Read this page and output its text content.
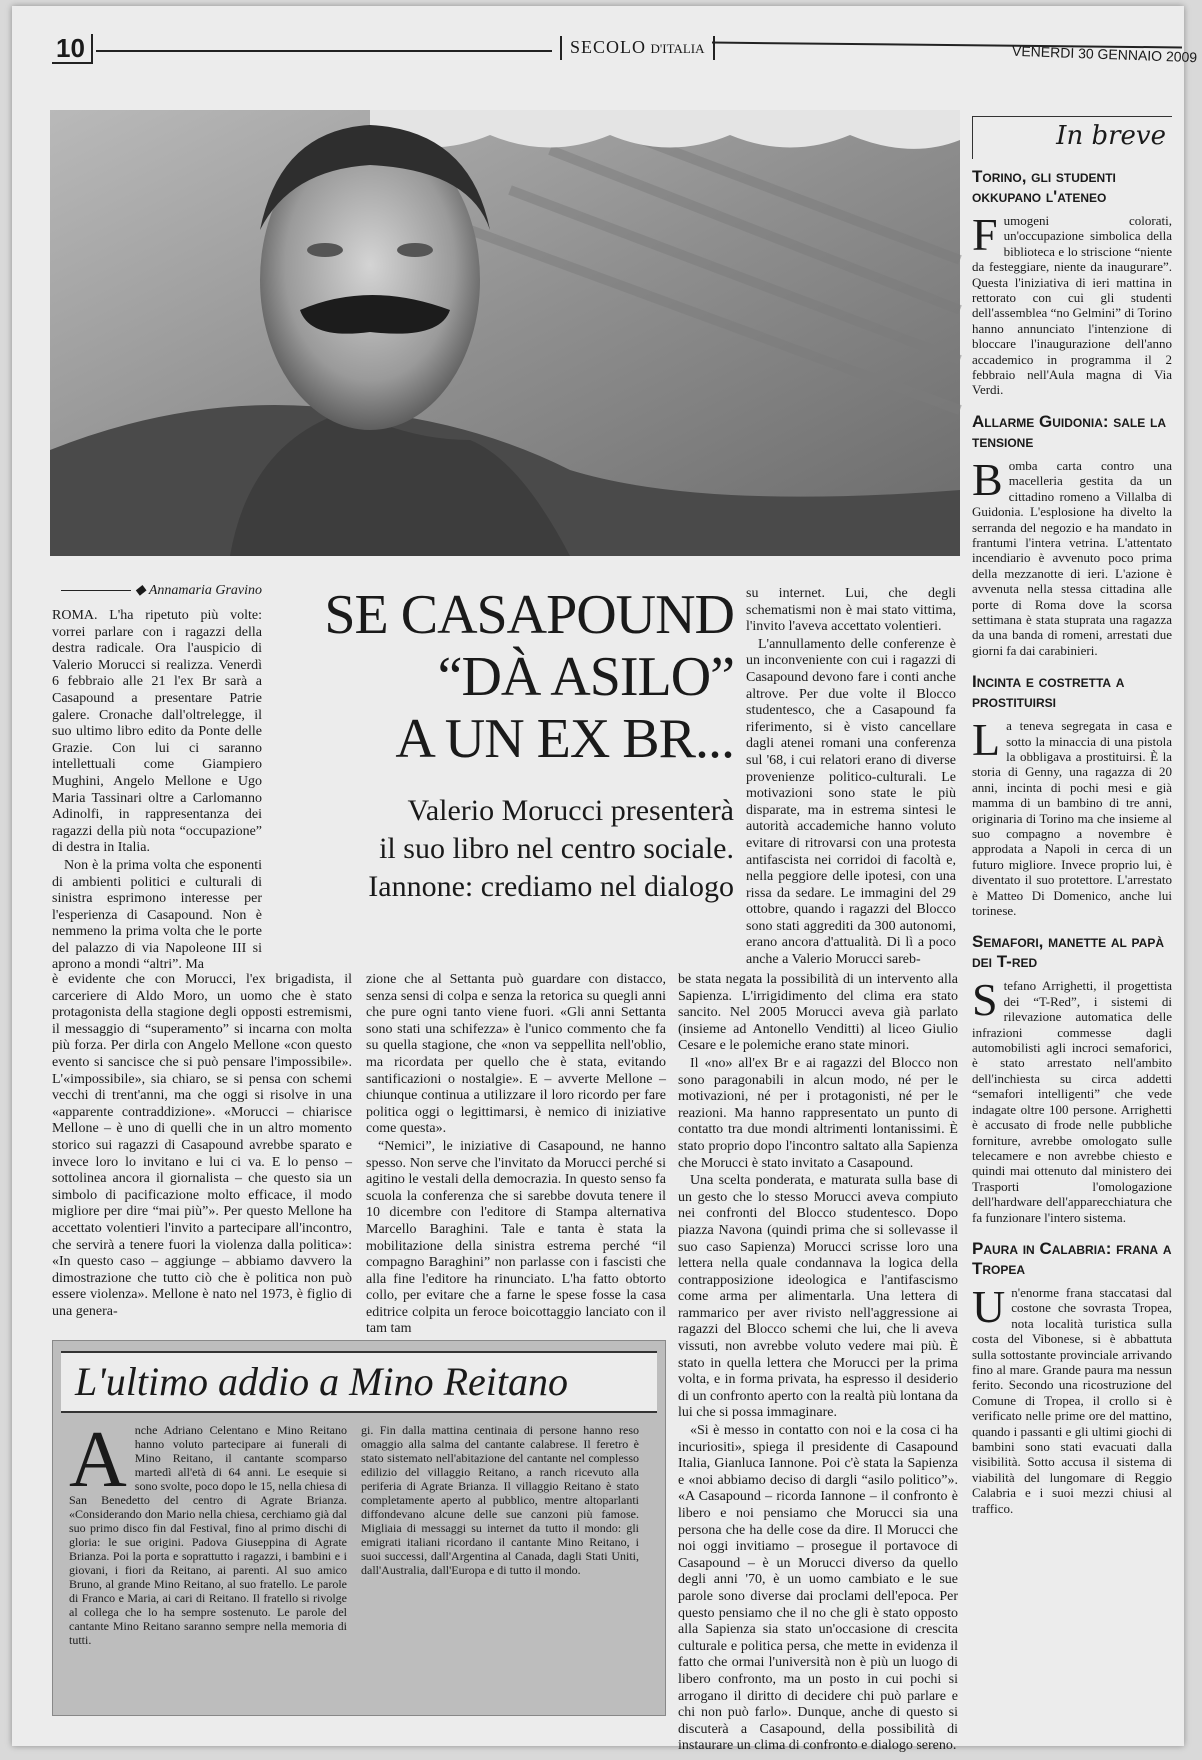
10	SECOLO D'ITALIA	VENERDÌ 30 GENNAIO 2009
◆ Annamaria Gravino

ROMA. L'ha ripetuto più volte: vorrei parlare con i ragazzi della destra radicale. Ora l'auspicio di Valerio Morucci si realizza. Venerdì 6 febbraio alle 21 l'ex Br sarà a Casapound a presentare Patrie galere. Cronache dall'oltrelegge, il suo ultimo libro edito da Ponte delle Grazie. Con lui ci saranno intellettuali come Giampiero Mughini, Angelo Mellone e Ugo Maria Tassinari oltre a Carlomanno Adinolfi, in rappresentanza dei ragazzi della più nota “occupazione” di destra in Italia.

Non è la prima volta che esponenti di ambienti politici e culturali di sinistra esprimono interesse per l'esperienza di Casapound. Non è nemmeno la prima volta che le porte del palazzo di via Napoleone III si aprono a mondi “altri”. Ma

SE CASAPOUND
“DÀ ASILO”
A UN EX BR...
Valerio Morucci presenterà
il suo libro nel centro sociale.
Iannone: crediamo nel dialogo

su internet. Lui, che degli schematismi non è mai stato vittima, l'invito l'aveva accettato volentieri.

L'annullamento delle conferenze è un inconveniente con cui i ragazzi di Casapound devono fare i conti anche altrove. Per due volte il Blocco studentesco, che a Casapound fa riferimento, si è visto cancellare dagli atenei romani una conferenza sul '68, i cui relatori erano di diverse provenienze politico-culturali. Le motivazioni sono state le più disparate, ma in estrema sintesi le autorità accademiche hanno voluto evitare di ritrovarsi con una protesta antifascista nei corridoi di facoltà e, nella peggiore delle ipotesi, con una rissa da sedare. Le immagini del 29 ottobre, quando i ragazzi del Blocco sono stati aggrediti da 300 autonomi, erano ancora d'attualità. Di lì a poco anche a Valerio Morucci sareb-

è evidente che con Morucci, l'ex brigadista, il carceriere di Aldo Moro, un uomo che è stato protagonista della stagione degli opposti estremismi, il messaggio di “superamento” si incarna con molta più forza. Per dirla con Angelo Mellone «con questo evento si sancisce che si può pensare l'impossibile». L'«impossibile», sia chiaro, se si pensa con schemi vecchi di trent'anni, ma che oggi si risolve in una «apparente contraddizione». «Morucci – chiarisce Mellone – è uno di quelli che in un altro momento storico sui ragazzi di Casapound avrebbe sparato e invece loro lo invitano e lui ci va. E lo penso – sottolinea ancora il giornalista – che questo sia un simbolo di pacificazione molto efficace, il modo migliore per dire “mai più”». Per questo Mellone ha accettato volentieri l'invito a partecipare all'incontro, che servirà a tenere fuori la violenza dalla politica»: «In questo caso – aggiunge – abbiamo davvero la dimostrazione che tutto ciò che è politica non può essere violenza». Mellone è nato nel 1973, è figlio di una genera-

zione che al Settanta può guardare con distacco, senza sensi di colpa e senza la retorica su quegli anni che pure ogni tanto viene fuori. «Gli anni Settanta sono stati una schifezza» è l'unico commento che fa su quella stagione, che «non va seppellita nell'oblio, ma ricordata per quello che è stata, evitando santificazioni o nostalgie». E – avverte Mellone – chiunque continua a utilizzare il loro ricordo per fare politica oggi o legittimarsi, è nemico di iniziative come questa».

“Nemici”, le iniziative di Casapound, ne hanno spesso. Non serve che l'invitato da Morucci perché si agitino le vestali della democrazia. In questo senso fa scuola la conferenza che si sarebbe dovuta tenere il 10 dicembre con l'editore di Stampa alternativa Marcello Baraghini. Tale e tanta è stata la mobilitazione della sinistra estrema perché “il compagno Baraghini” non parlasse con i fascisti che alla fine l'editore ha rinunciato. L'ha fatto obtorto collo, per evitare che a farne le spese fosse la casa editrice colpita un feroce boicottaggio lanciato con il tam tam

be stata negata la possibilità di un intervento alla Sapienza. L'irrigidimento del clima era stato sancito. Nel 2005 Morucci aveva già parlato (insieme ad Antonello Venditti) al liceo Giulio Cesare e le polemiche erano state minori.

Il «no» all'ex Br e ai ragazzi del Blocco non sono paragonabili in alcun modo, né per le motivazioni, né per i protagonisti, né per le reazioni. Ma hanno rappresentato un punto di contatto tra due mondi altrimenti lontanissimi. È stato proprio dopo l'incontro saltato alla Sapienza che Morucci è stato invitato a Casapound.

Una scelta ponderata, e maturata sulla base di un gesto che lo stesso Morucci aveva compiuto nei confronti del Blocco studentesco. Dopo piazza Navona (quindi prima che si sollevasse il suo caso Sapienza) Morucci scrisse loro una lettera nella quale condannava la logica della contrapposizione ideologica e l'antifascismo come arma per alimentarla. Una lettera di rammarico per aver rivisto nell'aggressione ai ragazzi del Blocco schemi che lui, che li aveva vissuti, non avrebbe voluto vedere mai più. È stato in quella lettera che Morucci per la prima volta, e in forma privata, ha espresso il desiderio di un confronto aperto con la realtà più lontana da lui che si possa immaginare.

«Si è messo in contatto con noi e la cosa ci ha incuriositi», spiega il presidente di Casapound Italia, Gianluca Iannone. Poi c'è stata la Sapienza e «noi abbiamo deciso di dargli “asilo politico”». «A Casapound – ricorda Iannone – il confronto è libero e noi pensiamo che Morucci sia una persona che ha delle cose da dire. Il Morucci che noi oggi invitiamo – prosegue il portavoce di Casapound – è un Morucci diverso da quello degli anni '70, è un uomo cambiato e le sue parole sono diverse dai proclami dell'epoca. Per questo pensiamo che il no che gli è stato opposto alla Sapienza sia stato un'occasione di crescita culturale e politica persa, che mette in evidenza il fatto che ormai l'università non è più un luogo di libero confronto, ma un posto in cui pochi si arrogano il diritto di decidere chi può parlare e chi non può farlo». Dunque, anche di questo si discuterà a Casapound, della possibilità di instaurare un clima di confronto e dialogo sereno.

L'ultimo addio a Mino Reitano
A nche Adriano Celentano e Mino Reitano hanno voluto partecipare ai funerali di Mino Reitano, il cantante scomparso martedì all'età di 64 anni. Le esequie si sono svolte, poco dopo le 15, nella chiesa di San Benedetto del centro di Agrate Brianza. «Considerando don Mario nella chiesa, cerchiamo già dal suo primo disco fin dal Festival, fino al primo dischi di gloria: le sue origini. Padova Giuseppina di Agrate Brianza. Poi la porta e soprattutto i ragazzi, i bambini e i giovani, i fiori da Reitano, ai parenti. Al suo amico Bruno, al grande Mino Reitano, al suo fratello. Le parole di Franco e Maria, ai cari di Reitano. Il fratello si rivolge al collega che lo ha sempre sostenuto. Le parole del cantante Mino Reitano saranno sempre nella memoria di tutti.
gi. Fin dalla mattina centinaia di persone hanno reso omaggio alla salma del cantante calabrese. Il feretro è stato sistemato nell'abitazione del cantante nel complesso edilizio del villaggio Reitano, a ranch ricevuto alla periferia di Agrate Brianza. Il villaggio Reitano è stato completamente aperto al pubblico, mentre altoparlanti diffondevano alcune delle sue canzoni più famose. Migliaia di messaggi su internet da tutto il mondo: gli emigrati italiani ricordano il cantante Mino Reitano, i suoi successi, dall'Argentina al Canada, dagli Stati Uniti, dall'Australia, dall'Europa e di tutto il mondo.
In breve
Torino, gli studenti okkupano l'ateneo
F umogeni colorati, un'occupazione simbolica della biblioteca e lo striscione “niente da festeggiare, niente da inaugurare”. Questa l'iniziativa di ieri mattina in rettorato con cui gli studenti dell'assemblea “no Gelmini” di Torino hanno annunciato l'intenzione di bloccare l'inaugurazione dell'anno accademico in programma il 2 febbraio nell'Aula magna di Via Verdi.
Allarme Guidonia: sale la tensione
B omba carta contro una macelleria gestita da un cittadino romeno a Villalba di Guidonia. L'esplosione ha divelto la serranda del negozio e ha mandato in frantumi l'intera vetrina. L'attentato incendiario è avvenuto poco prima della mezzanotte di ieri. L'azione è avvenuta nella stessa cittadina alle porte di Roma dove la scorsa settimana è stata stuprata una ragazza da una banda di romeni, arrestati due giorni fa dai carabinieri.
Incinta e costretta a prostituirsi
L a teneva segregata in casa e sotto la minaccia di una pistola la obbligava a prostituirsi. È la storia di Genny, una ragazza di 20 anni, incinta di pochi mesi e già mamma di un bambino di tre anni, originaria di Torino ma che insieme al suo compagno a novembre è approdata a Napoli in cerca di un futuro migliore. Invece proprio lui, è diventato il suo protettore. L'arrestato è Matteo Di Domenico, anche lui torinese.
Semafori, manette al papà dei T-red
S tefano Arrighetti, il progettista dei “T-Red”, i sistemi di rilevazione automatica delle infrazioni commesse dagli automobilisti agli incroci semaforici, è stato arrestato nell'ambito dell'inchiesta su circa addetti “semafori intelligenti” che vede indagate oltre 100 persone. Arrighetti è accusato di frode nelle pubbliche forniture, avrebbe omologato sulle telecamere e non avrebbe chiesto e quindi mai ottenuto dal ministero dei Trasporti l'omologazione dell'hardware dell'apparecchiatura che fa funzionare l'intero sistema.
Paura in Calabria: frana a Tropea
U n'enorme frana staccatasi dal costone che sovrasta Tropea, nota località turistica sulla costa del Vibonese, si è abbattuta sulla sottostante provinciale arrivando fino al mare. Grande paura ma nessun ferito. Secondo una ricostruzione del Comune di Tropea, il crollo si è verificato nelle prime ore del mattino, quando i passanti e gli ultimi giochi di bambini sono stati evacuati dalla visibilità. Sotto accusa il sistema di viabilità del lungomare di Reggio Calabria e i suoi mezzi chiusi al traffico.
